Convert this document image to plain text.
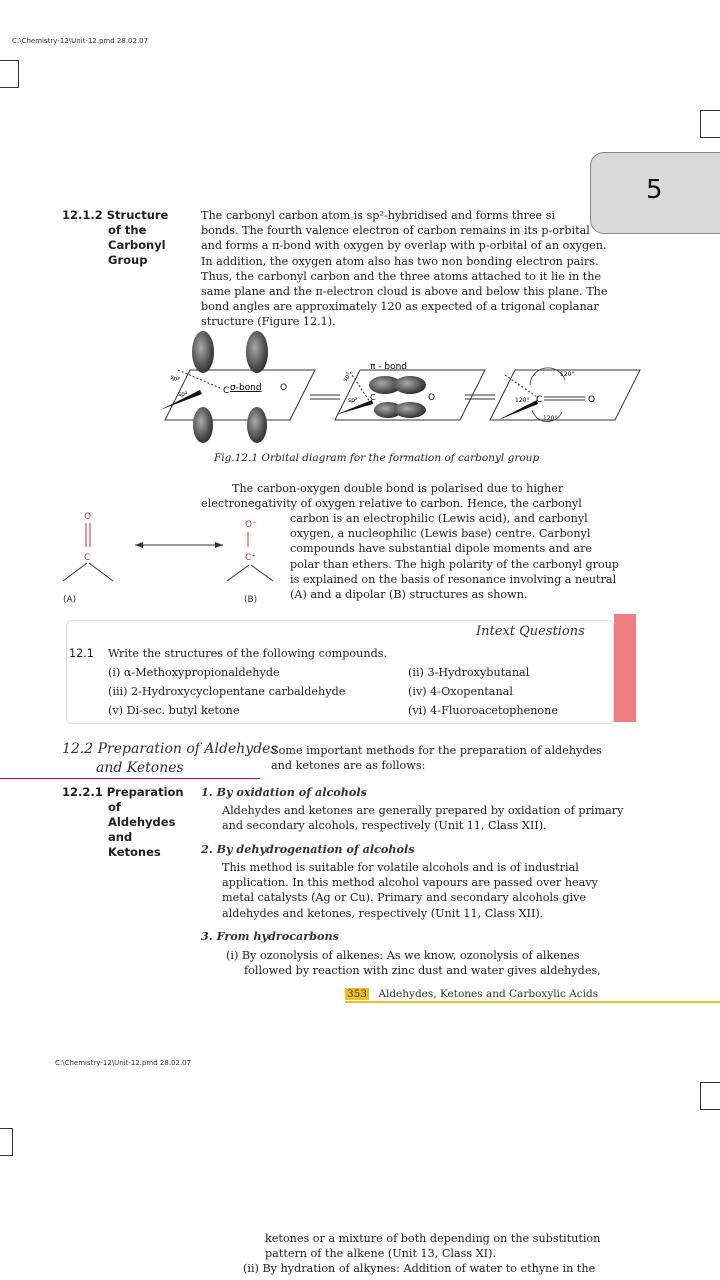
C:\Chemistry-12\Unit-12.pmd 28.02.07
5
12.1.2 Structure
of the
Carbonyl
Group
The carbonyl carbon atom is sp²-hybridised and forms three si
bonds. The fourth valence electron of carbon remains in its p-orbital
and forms a π-bond with oxygen by overlap with p-orbital of an oxygen.
In addition, the oxygen atom also has two non bonding electron pairs.
Thus, the carbonyl carbon and the three atoms attached to it lie in the
same plane and the π-electron cloud is above and below this plane. The
bond angles are approximately 120 as expected of a trigonal coplanar
structure (Figure 12.1).
sp²
sp²	C σ-bond O
π - bond
C	O
sp²
sp²	C	O
120°
120°
120°
Fig.12.1 Orbital diagram for the formation of carbonyl group
The carbon-oxygen double bond is polarised due to higher
electronegativity of oxygen relative to carbon. Hence, the carbonyl
carbon is an electrophilic (Lewis acid), and carbonyl
oxygen, a nucleophilic (Lewis base) centre. Carbonyl
compounds have substantial dipole moments and are
polar than ethers. The high polarity of the carbonyl group
is explained on the basis of resonance involving a neutral
(A) and a dipolar (B) structures as shown.
O
C
(A)
O⁻
C⁺
(B)
Intext Questions
12.1 Write the structures of the following compounds.
(i) α-Methoxypropionaldehyde	(ii) 3-Hydroxybutanal
(iii) 2-Hydroxycyclopentane carbaldehyde	(iv) 4-Oxopentanal
(v) Di-sec. butyl ketone	(vi) 4-Fluoroacetophenone
12.2 Preparation of Aldehydes
and Ketones
Some important methods for the preparation of aldehydes
and ketones are as follows:
12.2.1 Preparation
of
Aldehydes
and
Ketones
1. By oxidation of alcohols
Aldehydes and ketones are generally prepared by oxidation of primary
and secondary alcohols, respectively (Unit 11, Class XII).
2. By dehydrogenation of alcohols
This method is suitable for volatile alcohols and is of industrial
application. In this method alcohol vapours are passed over heavy
metal catalysts (Ag or Cu). Primary and secondary alcohols give
aldehydes and ketones, respectively (Unit 11, Class XII).
3. From hydrocarbons
(i) By ozonolysis of alkenes: As we know, ozonolysis of alkenes
followed by reaction with zinc dust and water gives aldehydes,
353 Aldehydes, Ketones and Carboxylic Acids
C:\Chemistry-12\Unit-12.pmd 28.02.07
ketones or a mixture of both depending on the substitution
pattern of the alkene (Unit 13, Class XI).
(ii) By hydration of alkynes: Addition of water to ethyne in the
